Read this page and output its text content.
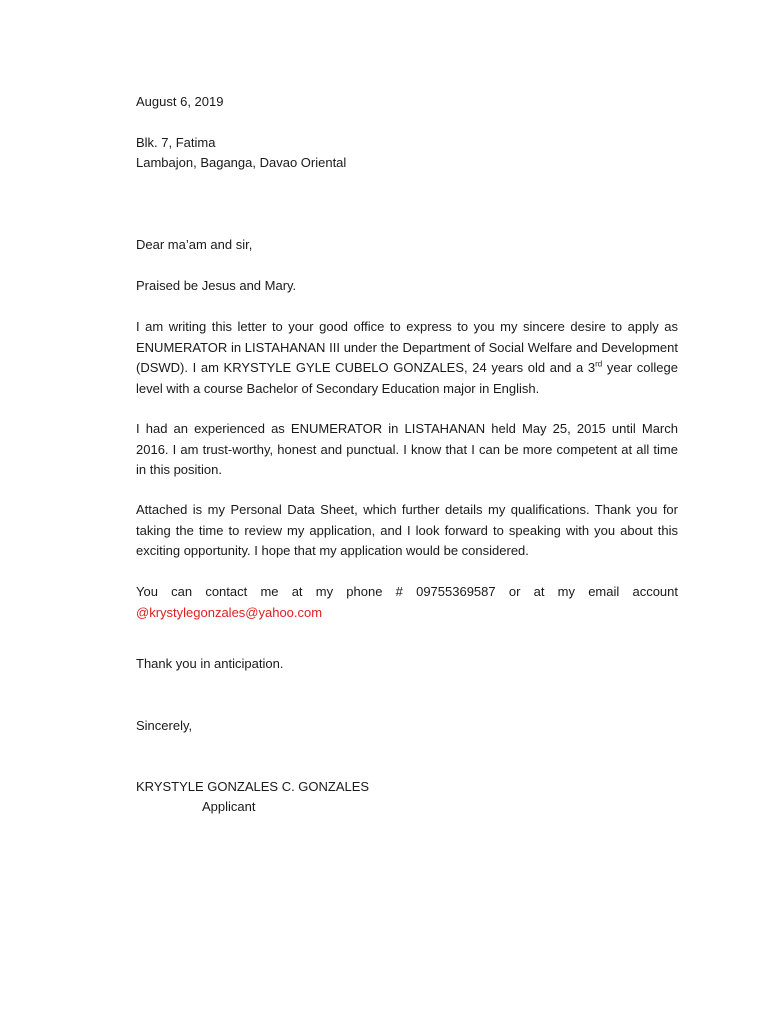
August 6, 2019
Blk. 7, Fatima
Lambajon, Baganga, Davao Oriental
Dear ma’am and sir,
Praised be Jesus and Mary.
I am writing this letter to your good office to express to you my sincere desire to apply as ENUMERATOR in LISTAHANAN III under the Department of Social Welfare and Development (DSWD). I am KRYSTYLE GYLE CUBELO GONZALES, 24 years old and a 3rd year college level with a course Bachelor of Secondary Education major in English.
I had an experienced as ENUMERATOR in LISTAHANAN held May 25, 2015 until March 2016. I am trust-worthy, honest and punctual. I know that I can be more competent at all time in this position.
Attached is my Personal Data Sheet, which further details my qualifications. Thank you for taking the time to review my application, and I look forward to speaking with you about this exciting opportunity. I hope that my application would be considered.
You can contact me at my phone # 09755369587 or at my email account
@krystylegonzales@yahoo.com
Thank you in anticipation.
Sincerely,
KRYSTYLE GONZALES C. GONZALES
Applicant
